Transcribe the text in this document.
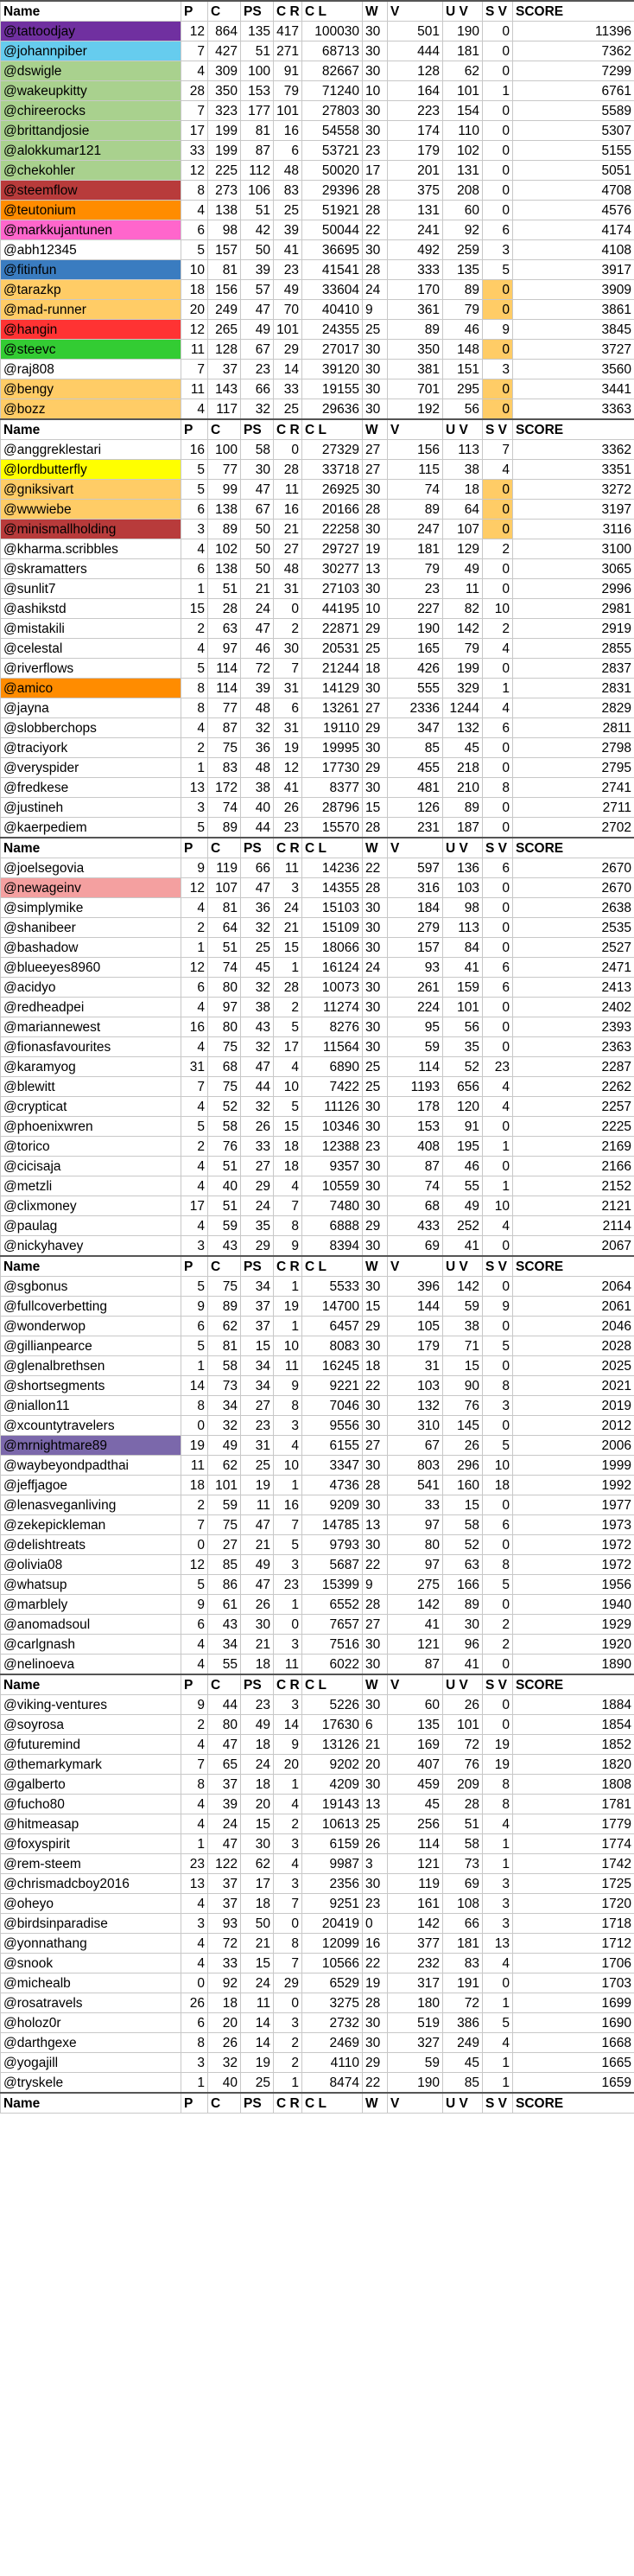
Name	P	C	PS	C R	C L	W	V	U V	S V	SCORE
@tattoodjay	12	864	135	417	100030	30	501	190	0	11396
@johannpiber	7	427	51	271	68713	30	444	181	0	7362
@dswigle	4	309	100	91	82667	30	128	62	0	7299
@wakeupkitty	28	350	153	79	71240	10	164	101	1	6761
@chireerocks	7	323	177	101	27803	30	223	154	0	5589
@brittandjosie	17	199	81	16	54558	30	174	110	0	5307
@alokkumar121	33	199	87	6	53721	23	179	102	0	5155
@chekohler	12	225	112	48	50020	17	201	131	0	5051
@steemflow	8	273	106	83	29396	28	375	208	0	4708
@teutonium	4	138	51	25	51921	28	131	60	0	4576
@markkujantunen	6	98	42	39	50044	22	241	92	6	4174
@abh12345	5	157	50	41	36695	30	492	259	3	4108
@fitinfun	10	81	39	23	41541	28	333	135	5	3917
@tarazkp	18	156	57	49	33604	24	170	89	0	3909
@mad-runner	20	249	47	70	40410	9	361	79	0	3861
@hangin	12	265	49	101	24355	25	89	46	9	3845
@steevc	11	128	67	29	27017	30	350	148	0	3727
@raj808	7	37	23	14	39120	30	381	151	3	3560
@bengy	11	143	66	33	19155	30	701	295	0	3441
@bozz	4	117	32	25	29636	30	192	56	0	3363
Name	P	C	PS	C R	C L	W	V	U V	S V	SCORE
@anggreklestari	16	100	58	0	27329	27	156	113	7	3362
@lordbutterfly	5	77	30	28	33718	27	115	38	4	3351
@gniksivart	5	99	47	11	26925	30	74	18	0	3272
@wwwiebe	6	138	67	16	20166	28	89	64	0	3197
@minismallholding	3	89	50	21	22258	30	247	107	0	3116
@kharma.scribbles	4	102	50	27	29727	19	181	129	2	3100
@skramatters	6	138	50	48	30277	13	79	49	0	3065
@sunlit7	1	51	21	31	27103	30	23	11	0	2996
@ashikstd	15	28	24	0	44195	10	227	82	10	2981
@mistakili	2	63	47	2	22871	29	190	142	2	2919
@celestal	4	97	46	30	20531	25	165	79	4	2855
@riverflows	5	114	72	7	21244	18	426	199	0	2837
@amico	8	114	39	31	14129	30	555	329	1	2831
@jayna	8	77	48	6	13261	27	2336	1244	4	2829
@slobberchops	4	87	32	31	19110	29	347	132	6	2811
@traciyork	2	75	36	19	19995	30	85	45	0	2798
@veryspider	1	83	48	12	17730	29	455	218	0	2795
@fredkese	13	172	38	41	8377	30	481	210	8	2741
@justineh	3	74	40	26	28796	15	126	89	0	2711
@kaerpediem	5	89	44	23	15570	28	231	187	0	2702
Name	P	C	PS	C R	C L	W	V	U V	S V	SCORE
@joelsegovia	9	119	66	11	14236	22	597	136	6	2670
@newageinv	12	107	47	3	14355	28	316	103	0	2670
@simplymike	4	81	36	24	15103	30	184	98	0	2638
@shanibeer	2	64	32	21	15109	30	279	113	0	2535
@bashadow	1	51	25	15	18066	30	157	84	0	2527
@blueeyes8960	12	74	45	1	16124	24	93	41	6	2471
@acidyo	6	80	32	28	10073	30	261	159	6	2413
@redheadpei	4	97	38	2	11274	30	224	101	0	2402
@mariannewest	16	80	43	5	8276	30	95	56	0	2393
@fionasfavourites	4	75	32	17	11564	30	59	35	0	2363
@karamyog	31	68	47	4	6890	25	114	52	23	2287
@blewitt	7	75	44	10	7422	25	1193	656	4	2262
@crypticat	4	52	32	5	11126	30	178	120	4	2257
@phoenixwren	5	58	26	15	10346	30	153	91	0	2225
@torico	2	76	33	18	12388	23	408	195	1	2169
@cicisaja	4	51	27	18	9357	30	87	46	0	2166
@metzli	4	40	29	4	10559	30	74	55	1	2152
@clixmoney	17	51	24	7	7480	30	68	49	10	2121
@paulag	4	59	35	8	6888	29	433	252	4	2114
@nickyhavey	3	43	29	9	8394	30	69	41	0	2067
Name	P	C	PS	C R	C L	W	V	U V	S V	SCORE
@sgbonus	5	75	34	1	5533	30	396	142	0	2064
@fullcoverbetting	9	89	37	19	14700	15	144	59	9	2061
@wonderwop	6	62	37	1	6457	29	105	38	0	2046
@gillianpearce	5	81	15	10	8083	30	179	71	5	2028
@glenalbrethsen	1	58	34	11	16245	18	31	15	0	2025
@shortsegments	14	73	34	9	9221	22	103	90	8	2021
@niallon11	8	34	27	8	7046	30	132	76	3	2019
@xcountytravelers	0	32	23	3	9556	30	310	145	0	2012
@mrnightmare89	19	49	31	4	6155	27	67	26	5	2006
@waybeyondpadthai	11	62	25	10	3347	30	803	296	10	1999
@jeffjagoe	18	101	19	1	4736	28	541	160	18	1992
@lenasveganliving	2	59	11	16	9209	30	33	15	0	1977
@zekepickleman	7	75	47	7	14785	13	97	58	6	1973
@delishtreats	0	27	21	5	9793	30	80	52	0	1972
@olivia08	12	85	49	3	5687	22	97	63	8	1972
@whatsup	5	86	47	23	15399	9	275	166	5	1956
@marblely	9	61	26	1	6552	28	142	89	0	1940
@anomadsoul	6	43	30	0	7657	27	41	30	2	1929
@carlgnash	4	34	21	3	7516	30	121	96	2	1920
@nelinoeva	4	55	18	11	6022	30	87	41	0	1890
Name	P	C	PS	C R	C L	W	V	U V	S V	SCORE
@viking-ventures	9	44	23	3	5226	30	60	26	0	1884
@soyrosa	2	80	49	14	17630	6	135	101	0	1854
@futuremind	4	47	18	9	13126	21	169	72	19	1852
@themarkymark	7	65	24	20	9202	20	407	76	19	1820
@galberto	8	37	18	1	4209	30	459	209	8	1808
@fucho80	4	39	20	4	19143	13	45	28	8	1781
@hitmeasap	4	24	15	2	10613	25	256	51	4	1779
@foxyspirit	1	47	30	3	6159	26	114	58	1	1774
@rem-steem	23	122	62	4	9987	3	121	73	1	1742
@chrismadcboy2016	13	37	17	3	2356	30	119	69	3	1725
@oheyo	4	37	18	7	9251	23	161	108	3	1720
@birdsinparadise	3	93	50	0	20419	0	142	66	3	1718
@yonnathang	4	72	21	8	12099	16	377	181	13	1712
@snook	4	33	15	7	10566	22	232	83	4	1706
@michealb	0	92	24	29	6529	19	317	191	0	1703
@rosatravels	26	18	11	0	3275	28	180	72	1	1699
@holoz0r	6	20	14	3	2732	30	519	386	5	1690
@darthgexe	8	26	14	2	2469	30	327	249	4	1668
@yogajill	3	32	19	2	4110	29	59	45	1	1665
@tryskele	1	40	25	1	8474	22	190	85	1	1659
Name	P	C	PS	C R	C L	W	V	U V	S V	SCORE
